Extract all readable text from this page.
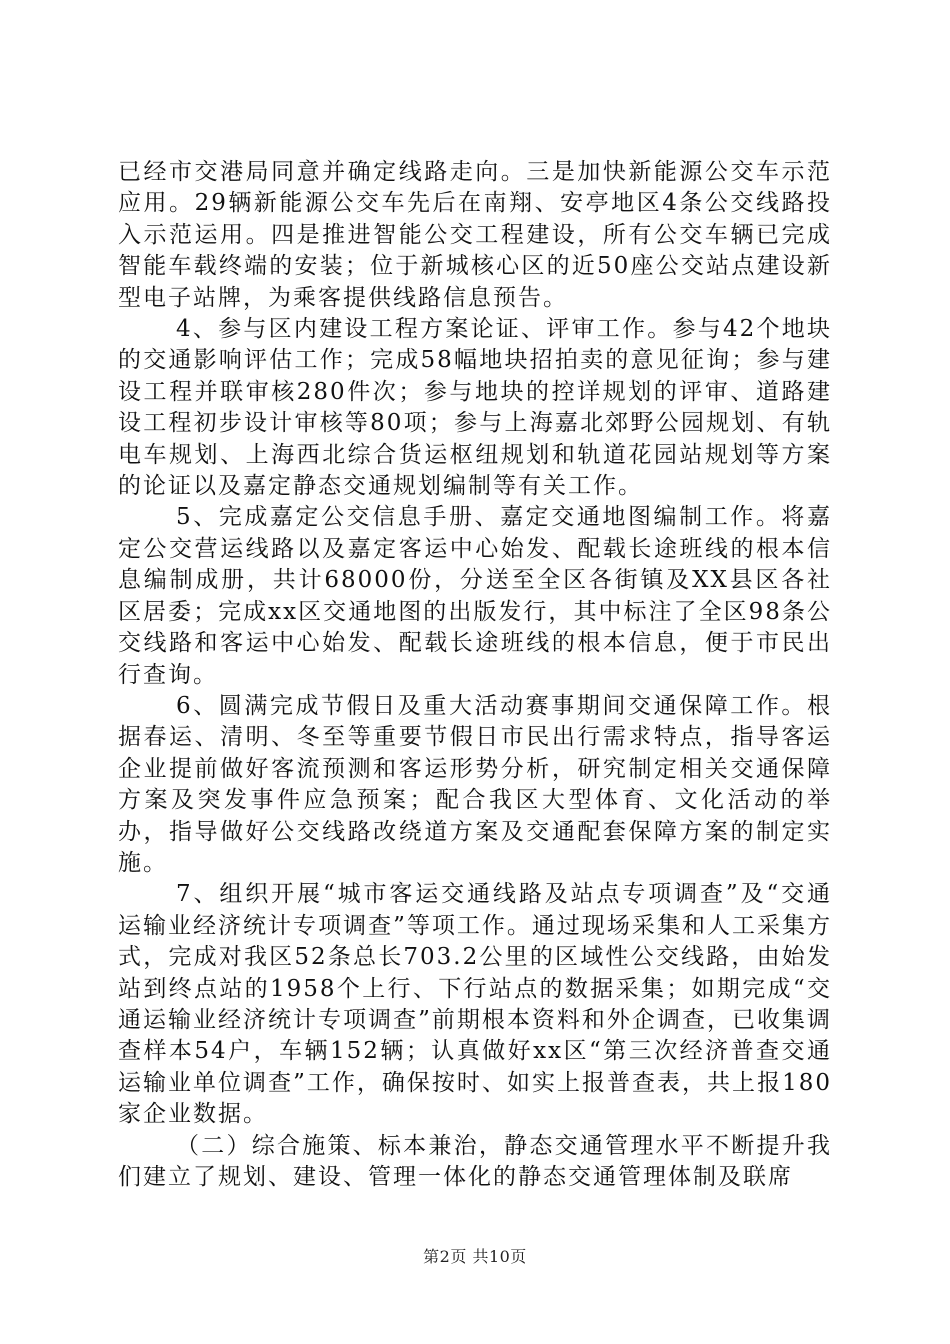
已经市交港局同意并确定线路走向。三是加快新能源公交车示范应用。29辆新能源公交车先后在南翔、安亭地区4条公交线路投入示范运用。四是推进智能公交工程建设，所有公交车辆已完成智能车载终端的安装；位于新城核心区的近50座公交站点建设新型电子站牌，为乘客提供线路信息预告。

4、参与区内建设工程方案论证、评审工作。参与42个地块的交通影响评估工作；完成58幅地块招拍卖的意见征询；参与建设工程并联审核280件次；参与地块的控详规划的评审、道路建设工程初步设计审核等80项；参与上海嘉北郊野公园规划、有轨电车规划、上海西北综合货运枢纽规划和轨道花园站规划等方案的论证以及嘉定静态交通规划编制等有关工作。

5、完成嘉定公交信息手册、嘉定交通地图编制工作。将嘉定公交营运线路以及嘉定客运中心始发、配载长途班线的根本信息编制成册，共计68000份，分送至全区各街镇及XX县区各社区居委；完成xx区交通地图的出版发行，其中标注了全区98条公交线路和客运中心始发、配载长途班线的根本信息，便于市民出行查询。

6、圆满完成节假日及重大活动赛事期间交通保障工作。根据春运、清明、冬至等重要节假日市民出行需求特点，指导客运企业提前做好客流预测和客运形势分析，研究制定相关交通保障方案及突发事件应急预案；配合我区大型体育、文化活动的举办，指导做好公交线路改绕道方案及交通配套保障方案的制定实施。

7、组织开展“城市客运交通线路及站点专项调查”及“交通运输业经济统计专项调查”等项工作。通过现场采集和人工采集方式，完成对我区52条总长703.2公里的区域性公交线路，由始发站到终点站的1958个上行、下行站点的数据采集；如期完成“交通运输业经济统计专项调查”前期根本资料和外企调查，已收集调查样本54户，车辆152辆；认真做好xx区“第三次经济普查交通运输业单位调查”工作，确保按时、如实上报普查表，共上报180家企业数据。

（二）综合施策、标本兼治，静态交通管理水平不断提升我们建立了规划、建设、管理一体化的静态交通管理体制及联席

第2页 共10页
